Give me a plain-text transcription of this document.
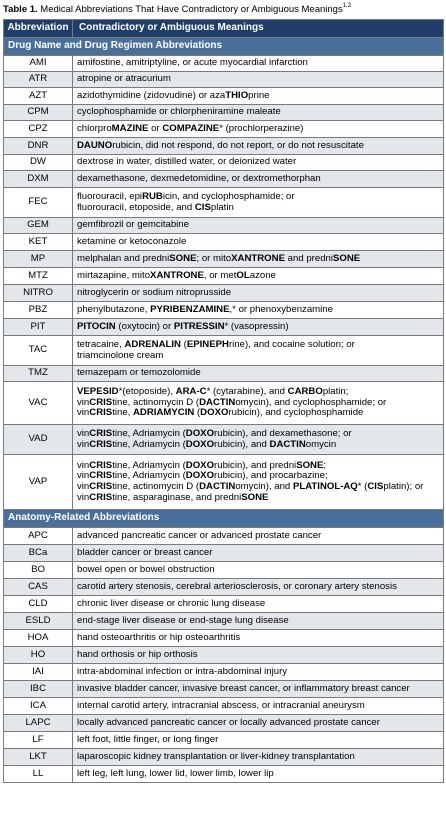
Table 1. Medical Abbreviations That Have Contradictory or Ambiguous Meanings$^{1,2}$
Abbreviation	Contradictory or Ambiguous Meanings
Drug Name and Drug Regimen Abbreviations	
AMI	amifostine, amitriptyline, or acute myocardial infarction
ATR	atropine or atracurium
AZT	azidothymidine (zidovudine) or azaTHIOprine
CPM	cyclophosphamide or chlorpheniramine maleate
CPZ	chlorproMAZINE or COMPAZINE* (prochlorperazine)
DNR	DAUNOrubicin, did not respond, do not report, or do not resuscitate
DW	dextrose in water, distilled water, or deionized water
DXM	dexamethasone, dexmedetomidine, or dextromethorphan
FEC	fluorouracil, epiRUBicin, and cyclophosphamide; or
fluorouracil, etoposide, and CISplatin
GEM	gemfibrozil or gemcitabine
KET	ketamine or ketoconazole
MP	melphalan and predniSONE; or mitoXANTRONE and predniSONE
MTZ	mirtazapine, mitoXANTRONE, or metOLazone
NITRO	nitroglycerin or sodium nitroprusside
PBZ	phenylbutazone, PYRIBENZAMINE,* or phenoxybenzamine
PIT	PITOCIN (oxytocin) or PITRESSIN* (vasopressin)
TAC	tetracaine, ADRENALIN (EPINEPHrine), and cocaine solution; or
triamcinolone cream
TMZ	temazepam or temozolomide
VAC	VEPESID*(etoposide), ARA-C* (cytarabine), and CARBOplatin;
vinCRIStine, actinomycin D (DACTINomycin), and cyclophosphamide; or
vinCRIStine, ADRIAMYCIN (DOXOrubicin), and cyclophosphamide
VAD	vinCRIStine, Adriamycin (DOXOrubicin), and dexamethasone; or
vinCRIStine, Adriamycin (DOXOrubicin), and DACTINomycin
VAP	vinCRIStine, Adriamycin (DOXOrubicin), and predniSONE;
vinCRIStine, Adriamycin (DOXOrubicin), and procarbazine;
vinCRIStine, actinomycin D (DACTINomycin), and PLATINOL-AQ* (CISplatin); or
vinCRIStine, asparaginase, and predniSONE
Anatomy-Related Abbreviations	
APC	advanced pancreatic cancer or advanced prostate cancer
BCa	bladder cancer or breast cancer
BO	bowel open or bowel obstruction
CAS	carotid artery stenosis, cerebral arteriosclerosis, or coronary artery stenosis
CLD	chronic liver disease or chronic lung disease
ESLD	end-stage liver disease or end-stage lung disease
HOA	hand osteoarthritis or hip osteoarthritis
HO	hand orthosis or hip orthosis
IAI	intra-abdominal infection or intra-abdominal injury
IBC	invasive bladder cancer, invasive breast cancer, or inflammatory breast cancer
ICA	internal carotid artery, intracranial abscess, or intracranial aneurysm
LAPC	locally advanced pancreatic cancer or locally advanced prostate cancer
LF	left foot, little finger, or long finger
LKT	laparoscopic kidney transplantation or liver-kidney transplantation
LL	left leg, left lung, lower lid, lower limb, lower lip
